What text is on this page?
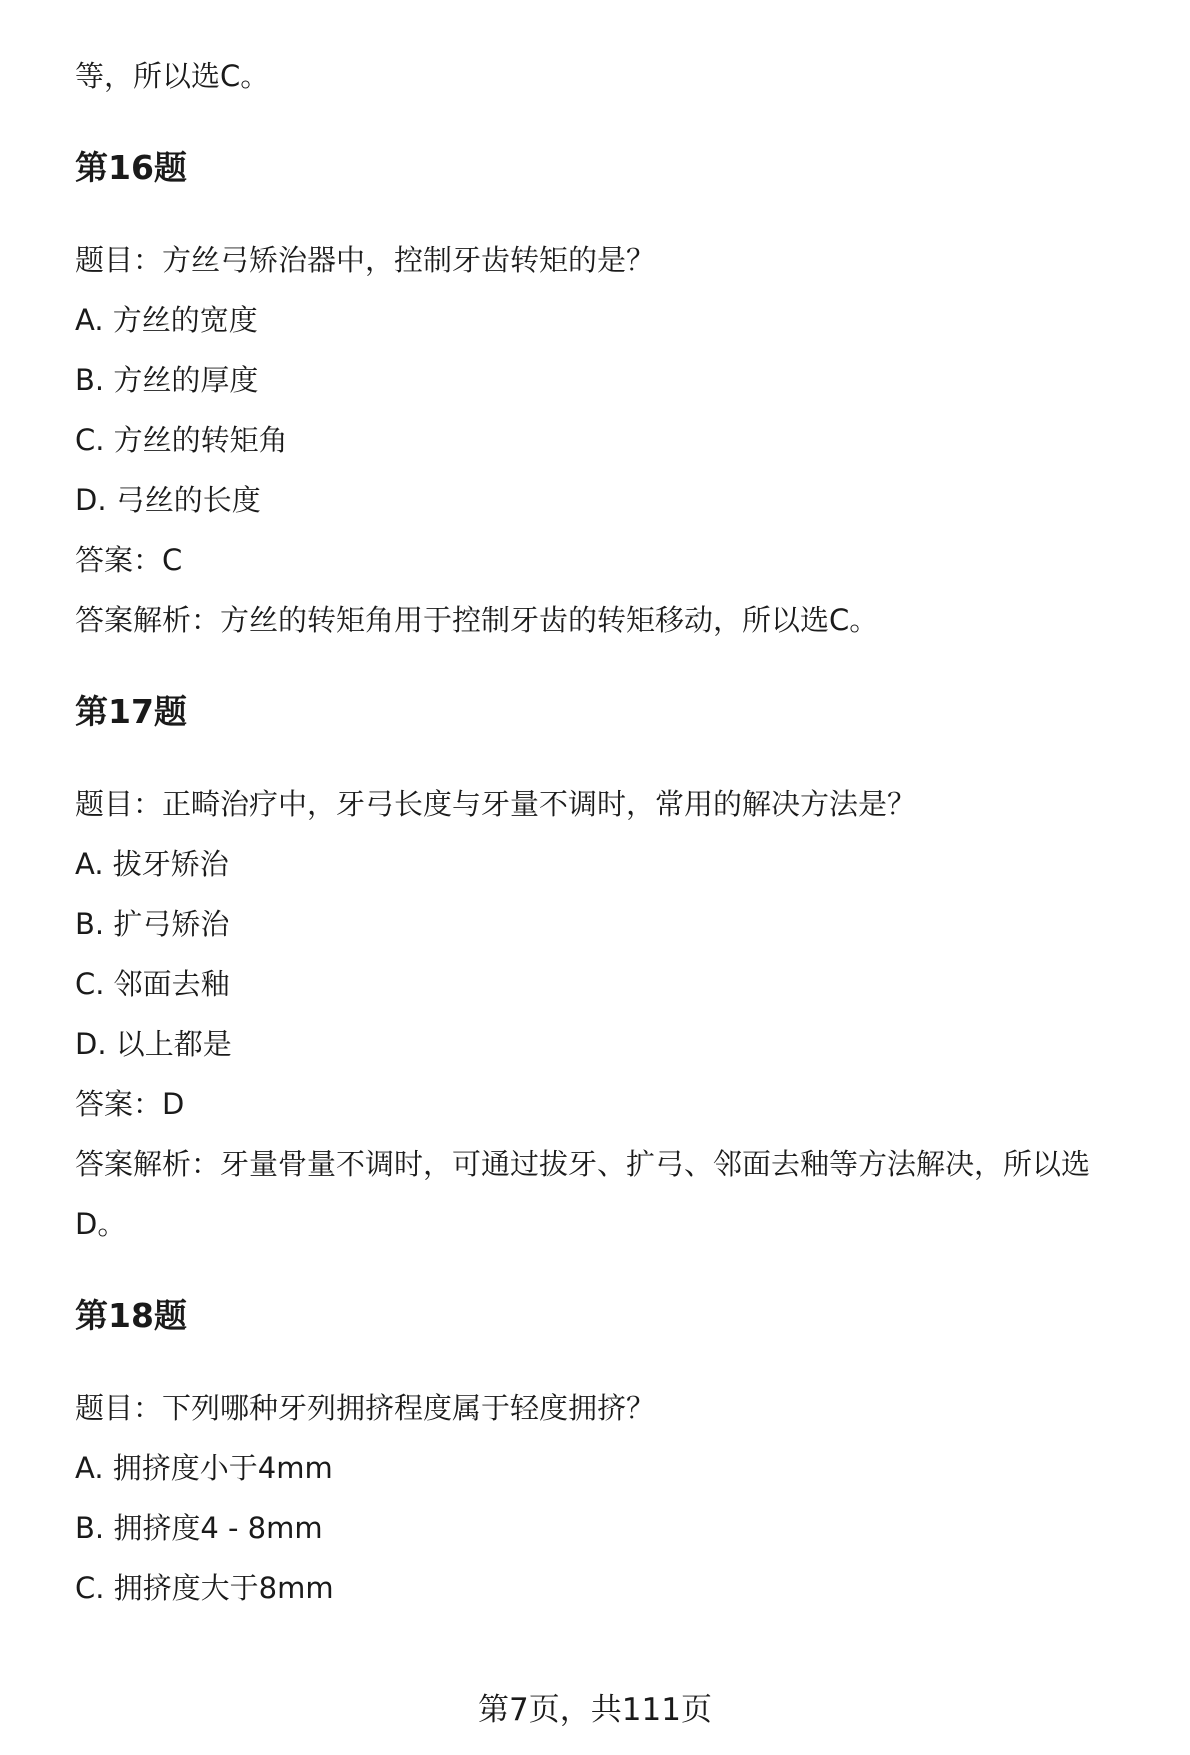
等，所以选C。

第16题

题目：方丝弓矫治器中，控制牙齿转矩的是？

A. 方丝的宽度

B. 方丝的厚度

C. 方丝的转矩角

D. 弓丝的长度

答案：C

答案解析：方丝的转矩角用于控制牙齿的转矩移动，所以选C。

第17题

题目：正畸治疗中，牙弓长度与牙量不调时，常用的解决方法是？

A. 拔牙矫治

B. 扩弓矫治

C. 邻面去釉

D. 以上都是

答案：D

答案解析：牙量骨量不调时，可通过拔牙、扩弓、邻面去釉等方法解决，所以选D。

第18题

题目：下列哪种牙列拥挤程度属于轻度拥挤？

A. 拥挤度小于4mm

B. 拥挤度4 - 8mm

C. 拥挤度大于8mm

第7页，共111页
